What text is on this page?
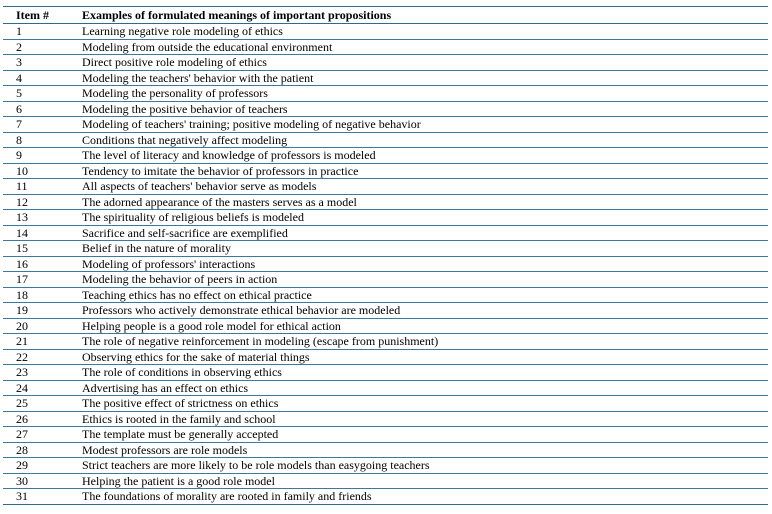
Item #	Examples of formulated meanings of important propositions
1	Learning negative role modeling of ethics
2	Modeling from outside the educational environment
3	Direct positive role modeling of ethics
4	Modeling the teachers' behavior with the patient
5	Modeling the personality of professors
6	Modeling the positive behavior of teachers
7	Modeling of teachers' training; positive modeling of negative behavior
8	Conditions that negatively affect modeling
9	The level of literacy and knowledge of professors is modeled
10	Tendency to imitate the behavior of professors in practice
11	All aspects of teachers' behavior serve as models
12	The adorned appearance of the masters serves as a model
13	The spirituality of religious beliefs is modeled
14	Sacrifice and self-sacrifice are exemplified
15	Belief in the nature of morality
16	Modeling of professors' interactions
17	Modeling the behavior of peers in action
18	Teaching ethics has no effect on ethical practice
19	Professors who actively demonstrate ethical behavior are modeled
20	Helping people is a good role model for ethical action
21	The role of negative reinforcement in modeling (escape from punishment)
22	Observing ethics for the sake of material things
23	The role of conditions in observing ethics
24	Advertising has an effect on ethics
25	The positive effect of strictness on ethics
26	Ethics is rooted in the family and school
27	The template must be generally accepted
28	Modest professors are role models
29	Strict teachers are more likely to be role models than easygoing teachers
30	Helping the patient is a good role model
31	The foundations of morality are rooted in family and friends
